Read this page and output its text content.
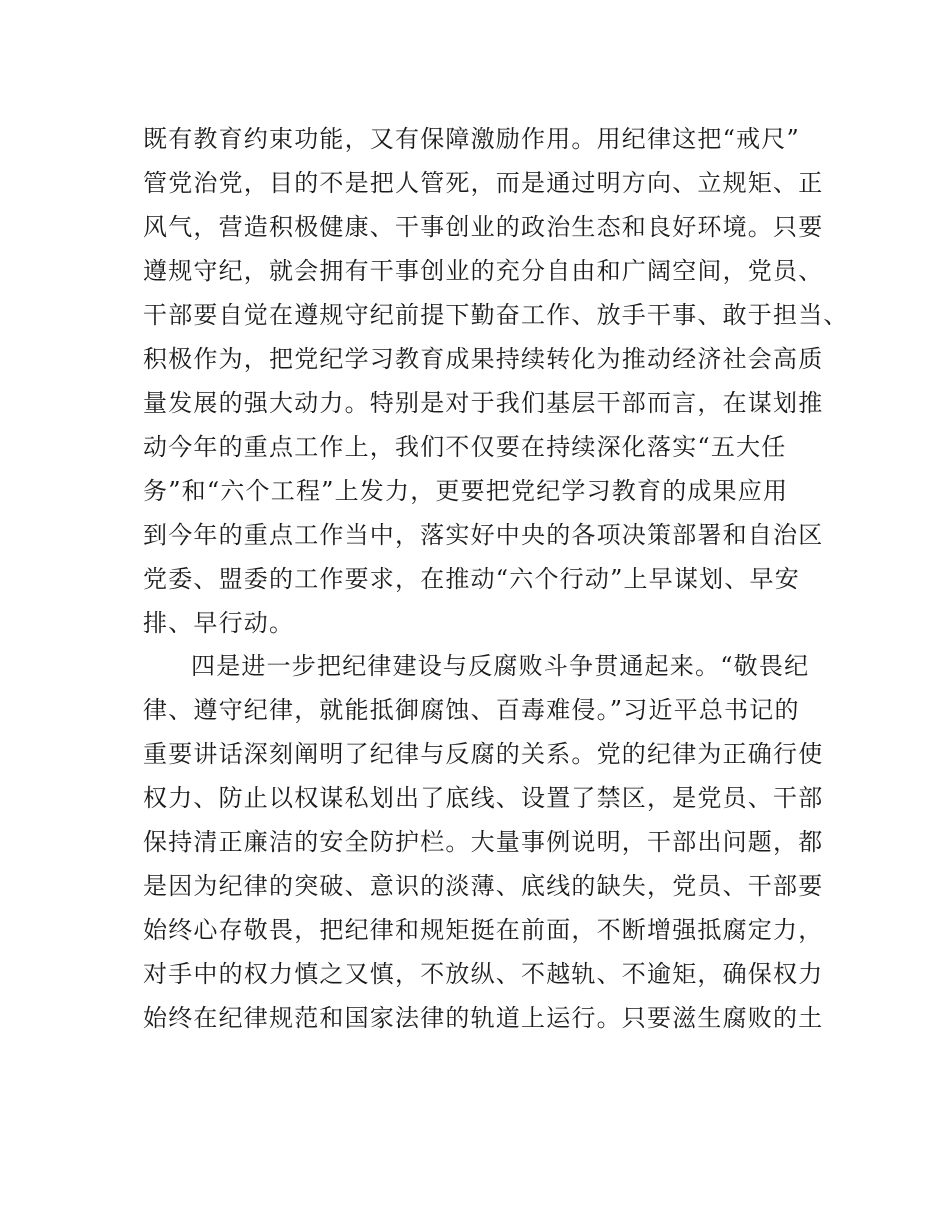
既有教育约束功能，又有保障激励作用。用纪律这把“戒尺”
管党治党，目的不是把人管死，而是通过明方向、立规矩、正
风气，营造积极健康、干事创业的政治生态和良好环境。只要
遵规守纪，就会拥有干事创业的充分自由和广阔空间，党员、
干部要自觉在遵规守纪前提下勤奋工作、放手干事、敢于担当、
积极作为，把党纪学习教育成果持续转化为推动经济社会高质
量发展的强大动力。特别是对于我们基层干部而言，在谋划推
动今年的重点工作上，我们不仅要在持续深化落实“五大任
务”和“六个工程”上发力，更要把党纪学习教育的成果应用
到今年的重点工作当中，落实好中央的各项决策部署和自治区
党委、盟委的工作要求，在推动“六个行动”上早谋划、早安
排、早行动。
四是进一步把纪律建设与反腐败斗争贯通起来。“敬畏纪
律、遵守纪律，就能抵御腐蚀、百毒难侵。”习近平总书记的
重要讲话深刻阐明了纪律与反腐的关系。党的纪律为正确行使
权力、防止以权谋私划出了底线、设置了禁区，是党员、干部
保持清正廉洁的安全防护栏。大量事例说明，干部出问题，都
是因为纪律的突破、意识的淡薄、底线的缺失，党员、干部要
始终心存敬畏，把纪律和规矩挺在前面，不断增强抵腐定力，
对手中的权力慎之又慎，不放纵、不越轨、不逾矩，确保权力
始终在纪律规范和国家法律的轨道上运行。只要滋生腐败的土
